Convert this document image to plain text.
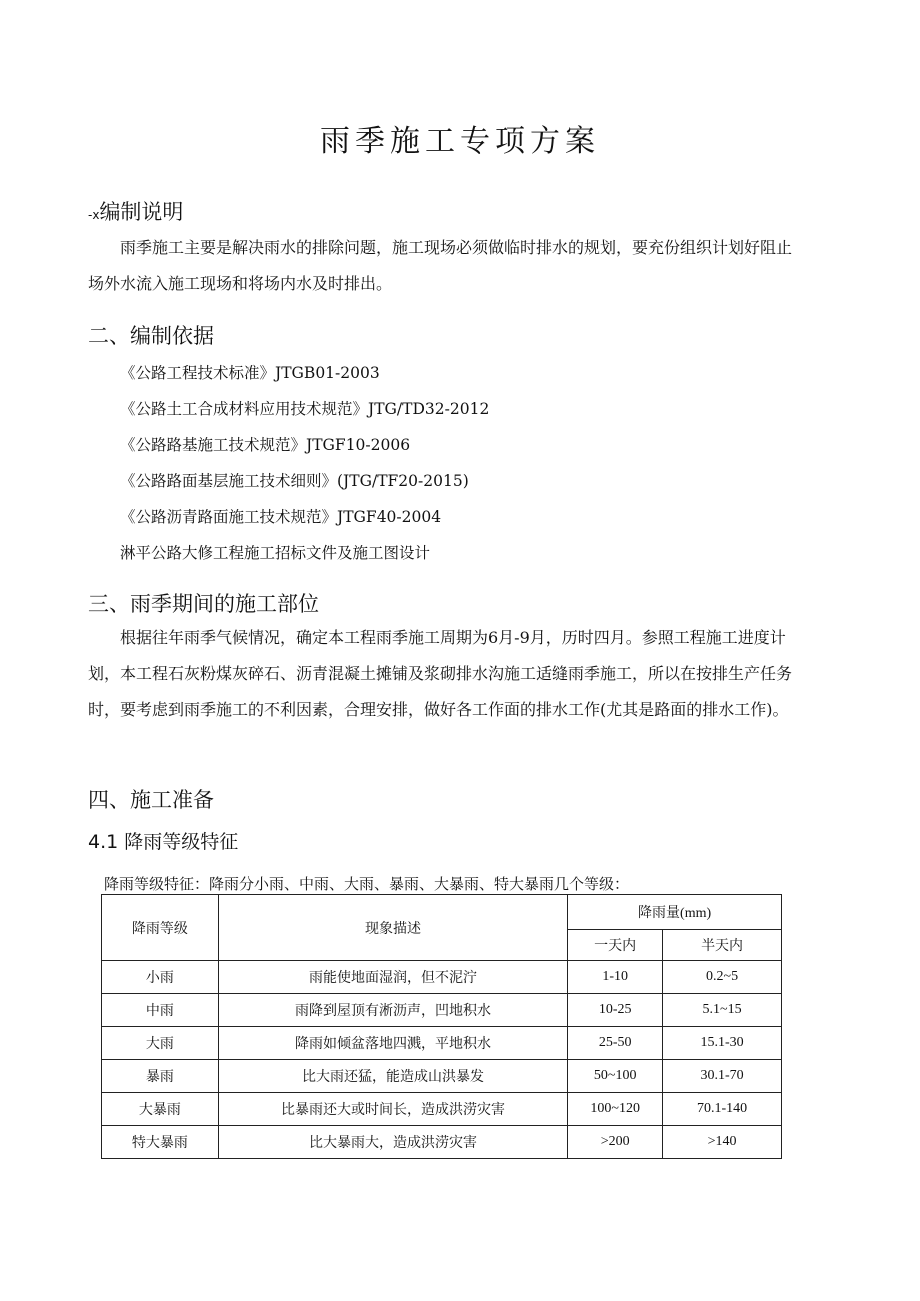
雨季施工专项方案
-x编制说明
雨季施工主要是解决雨水的排除问题，施工现场必须做临时排水的规划，要充份组织计划好阻止场外水流入施工现场和将场内水及时排出。
二、编制依据
《公路工程技术标准》JTGB01-2003
《公路土工合成材料应用技术规范》JTG/TD32-2012
《公路路基施工技术规范》JTGF10-2006
《公路路面基层施工技术细则》(JTG/TF20-2015)
《公路沥青路面施工技术规范》JTGF40-2004
淋平公路大修工程施工招标文件及施工图设计
三、雨季期间的施工部位
根据往年雨季气候情况，确定本工程雨季施工周期为6月-9月，历时四月。参照工程施工进度计划，本工程石灰粉煤灰碎石、沥青混凝土摊铺及浆砌排水沟施工适缝雨季施工，所以在按排生产任务时，要考虑到雨季施工的不利因素，合理安排，做好各工作面的排水工作(尤其是路面的排水工作)。
四、施工准备
4.1 降雨等级特征
降雨等级特征：降雨分小雨、中雨、大雨、暴雨、大暴雨、特大暴雨几个等级：
降雨等级	现象描述	降雨量(mm)	
		一天内	半天内
小雨	雨能使地面湿润，但不泥泞	1-10	0.2~5
中雨	雨降到屋顶有淅沥声，凹地积水	10-25	5.1~15
大雨	降雨如倾盆落地四溅，平地积水	25-50	15.1-30
暴雨	比大雨还猛，能造成山洪暴发	50~100	30.1-70
大暴雨	比暴雨还大或时间长，造成洪涝灾害	100~120	70.1-140
特大暴雨	比大暴雨大，造成洪涝灾害	>200	>140
